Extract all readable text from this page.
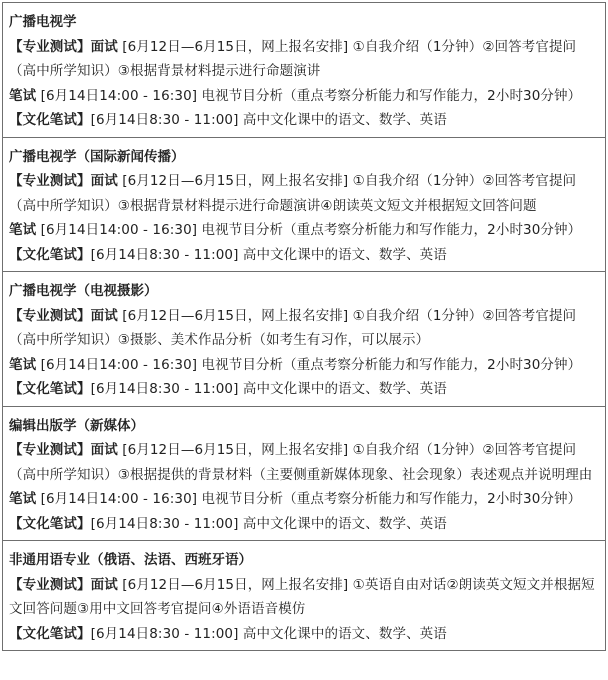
广播电视学
【专业测试】面试 [6月12日—6月15日，网上报名安排] ①自我介绍（1分钟）②回答考官提问（高中所学知识）③根据背景材料提示进行命题演讲
笔试 [6月14日14:00 - 16:30] 电视节目分析（重点考察分析能力和写作能力，2小时30分钟）
【文化笔试】[6月14日8:30 - 11:00] 高中文化课中的语文、数学、英语
广播电视学（国际新闻传播）
【专业测试】面试 [6月12日—6月15日，网上报名安排] ①自我介绍（1分钟）②回答考官提问（高中所学知识）③根据背景材料提示进行命题演讲④朗读英文短文并根据短文回答问题
笔试 [6月14日14:00 - 16:30] 电视节目分析（重点考察分析能力和写作能力，2小时30分钟）
【文化笔试】[6月14日8:30 - 11:00] 高中文化课中的语文、数学、英语
广播电视学（电视摄影）
【专业测试】面试 [6月12日—6月15日，网上报名安排] ①自我介绍（1分钟）②回答考官提问（高中所学知识）③摄影、美术作品分析（如考生有习作，可以展示）
笔试 [6月14日14:00 - 16:30] 电视节目分析（重点考察分析能力和写作能力，2小时30分钟）
【文化笔试】[6月14日8:30 - 11:00] 高中文化课中的语文、数学、英语
编辑出版学（新媒体）
【专业测试】面试 [6月12日—6月15日，网上报名安排] ①自我介绍（1分钟）②回答考官提问（高中所学知识）③根据提供的背景材料（主要侧重新媒体现象、社会现象）表述观点并说明理由
笔试 [6月14日14:00 - 16:30] 电视节目分析（重点考察分析能力和写作能力，2小时30分钟）
【文化笔试】[6月14日8:30 - 11:00] 高中文化课中的语文、数学、英语
非通用语专业（俄语、法语、西班牙语）
【专业测试】面试 [6月12日—6月15日，网上报名安排] ①英语自由对话②朗读英文短文并根据短文回答问题③用中文回答考官提问④外语语音模仿
【文化笔试】[6月14日8:30 - 11:00] 高中文化课中的语文、数学、英语
